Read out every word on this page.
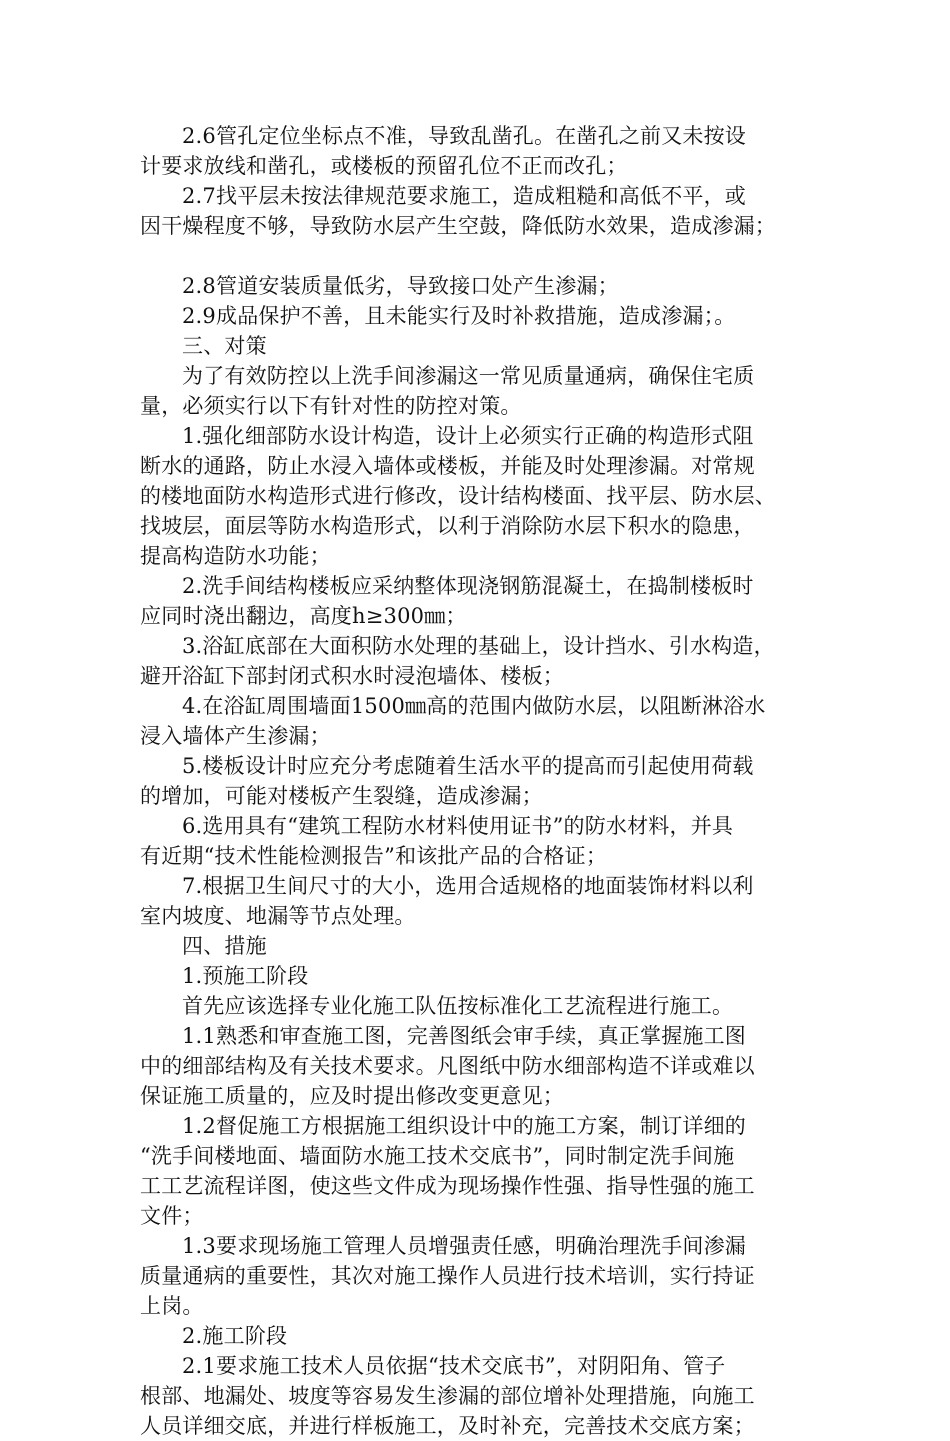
2.6管孔定位坐标点不准，导致乱凿孔。在凿孔之前又未按设
计要求放线和凿孔，或楼板的预留孔位不正而改孔；
2.7找平层未按法律规范要求施工，造成粗糙和高低不平，或
因干燥程度不够，导致防水层产生空鼓，降低防水效果，造成渗漏；
2.8管道安装质量低劣，导致接口处产生渗漏；
2.9成品保护不善，且未能实行及时补救措施，造成渗漏；。
三、对策
为了有效防控以上洗手间渗漏这一常见质量通病，确保住宅质
量，必须实行以下有针对性的防控对策。
1.强化细部防水设计构造，设计上必须实行正确的构造形式阻
断水的通路，防止水浸入墙体或楼板，并能及时处理渗漏。对常规
的楼地面防水构造形式进行修改，设计结构楼面、找平层、防水层、
找坡层，面层等防水构造形式，以利于消除防水层下积水的隐患，
提高构造防水功能；
2.洗手间结构楼板应采纳整体现浇钢筋混凝土，在捣制楼板时
应同时浇出翻边，高度h≥300㎜；
3.浴缸底部在大面积防水处理的基础上，设计挡水、引水构造，
避开浴缸下部封闭式积水时浸泡墙体、楼板；
4.在浴缸周围墙面1500㎜高的范围内做防水层，以阻断淋浴水
浸入墙体产生渗漏；
5.楼板设计时应充分考虑随着生活水平的提高而引起使用荷载
的增加，可能对楼板产生裂缝，造成渗漏；
6.选用具有“建筑工程防水材料使用证书”的防水材料，并具
有近期“技术性能检测报告”和该批产品的合格证；
7.根据卫生间尺寸的大小，选用合适规格的地面装饰材料以利
室内坡度、地漏等节点处理。
四、措施
1.预施工阶段
首先应该选择专业化施工队伍按标准化工艺流程进行施工。
1.1熟悉和审查施工图，完善图纸会审手续，真正掌握施工图
中的细部结构及有关技术要求。凡图纸中防水细部构造不详或难以
保证施工质量的，应及时提出修改变更意见；
1.2督促施工方根据施工组织设计中的施工方案，制订详细的
“洗手间楼地面、墙面防水施工技术交底书”，同时制定洗手间施
工工艺流程详图，使这些文件成为现场操作性强、指导性强的施工
文件；
1.3要求现场施工管理人员增强责任感，明确治理洗手间渗漏
质量通病的重要性，其次对施工操作人员进行技术培训，实行持证
上岗。
2.施工阶段
2.1要求施工技术人员依据“技术交底书”，对阴阳角、管子
根部、地漏处、坡度等容易发生渗漏的部位增补处理措施，向施工
人员详细交底，并进行样板施工，及时补充，完善技术交底方案；
